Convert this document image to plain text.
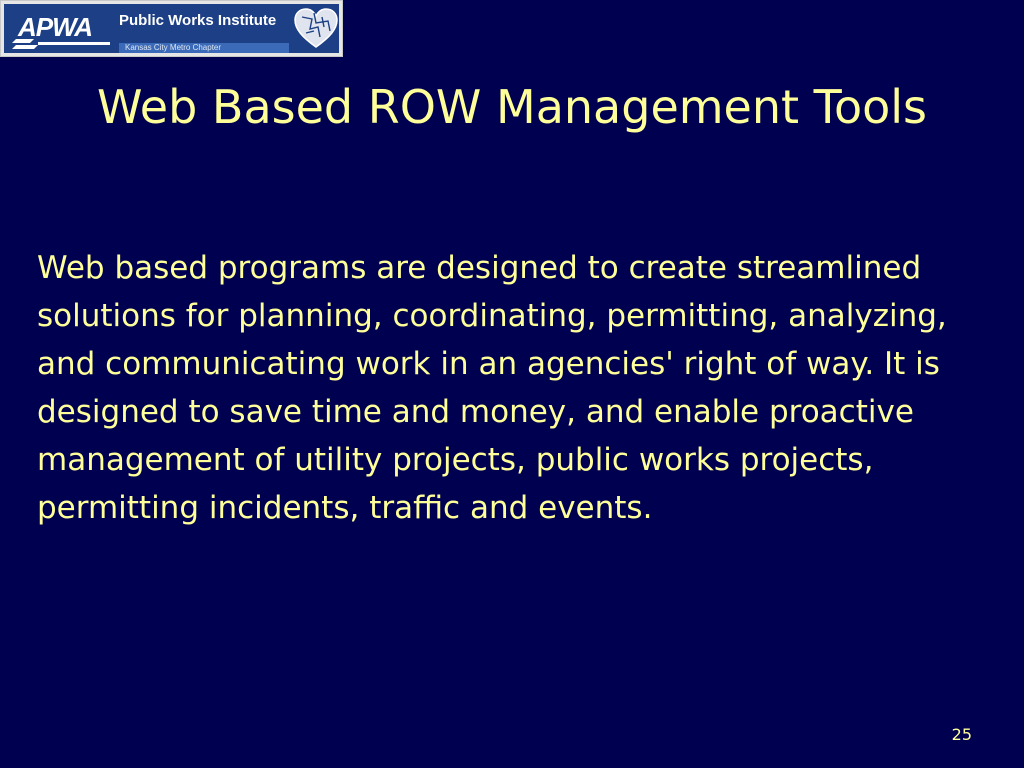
APWA Public Works Institute
Kansas City Metro Chapter
Web Based ROW Management Tools

Web based programs are designed to create streamlined solutions for planning, coordinating, permitting, analyzing, and communicating work in an agencies' right of way. It is designed to save time and money, and enable proactive management of utility projects, public works projects, permitting incidents, traffic and events.

25
